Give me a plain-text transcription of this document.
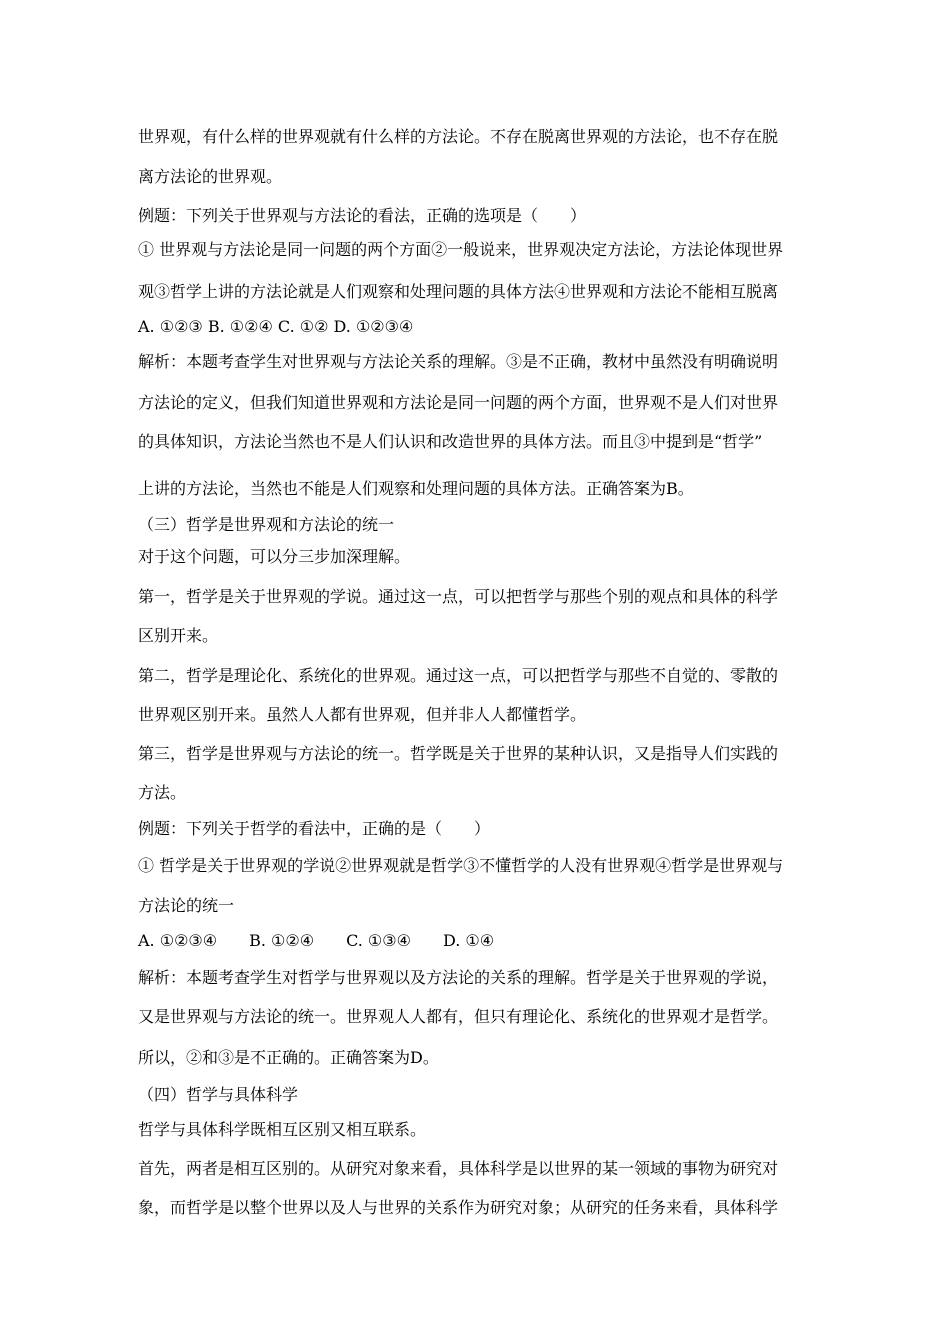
世界观，有什么样的世界观就有什么样的方法论。不存在脱离世界观的方法论，也不存在脱

离方法论的世界观。

例题：下列关于世界观与方法论的看法，正确的选项是（　　）

① 世界观与方法论是同一问题的两个方面②一般说来，世界观决定方法论，方法论体现世界

观③哲学上讲的方法论就是人们观察和处理问题的具体方法④世界观和方法论不能相互脱离

A. ①②③ B. ①②④ C. ①② D. ①②③④

解析：本题考查学生对世界观与方法论关系的理解。③是不正确，教材中虽然没有明确说明

方法论的定义，但我们知道世界观和方法论是同一问题的两个方面，世界观不是人们对世界

的具体知识，方法论当然也不是人们认识和改造世界的具体方法。而且③中提到是“哲学”

上讲的方法论，当然也不能是人们观察和处理问题的具体方法。正确答案为B。

（三）哲学是世界观和方法论的统一

对于这个问题，可以分三步加深理解。

第一，哲学是关于世界观的学说。通过这一点，可以把哲学与那些个别的观点和具体的科学

区别开来。

第二，哲学是理论化、系统化的世界观。通过这一点，可以把哲学与那些不自觉的、零散的

世界观区别开来。虽然人人都有世界观，但并非人人都懂哲学。

第三，哲学是世界观与方法论的统一。哲学既是关于世界的某种认识，又是指导人们实践的

方法。

例题：下列关于哲学的看法中，正确的是（　　）

① 哲学是关于世界观的学说②世界观就是哲学③不懂哲学的人没有世界观④哲学是世界观与

方法论的统一

A. ①②③④　　B. ①②④　　C. ①③④　　D. ①④

解析：本题考查学生对哲学与世界观以及方法论的关系的理解。哲学是关于世界观的学说，

又是世界观与方法论的统一。世界观人人都有，但只有理论化、系统化的世界观才是哲学。

所以，②和③是不正确的。正确答案为D。

（四）哲学与具体科学

哲学与具体科学既相互区别又相互联系。

首先，两者是相互区别的。从研究对象来看，具体科学是以世界的某一领域的事物为研究对

象，而哲学是以整个世界以及人与世界的关系作为研究对象；从研究的任务来看，具体科学
